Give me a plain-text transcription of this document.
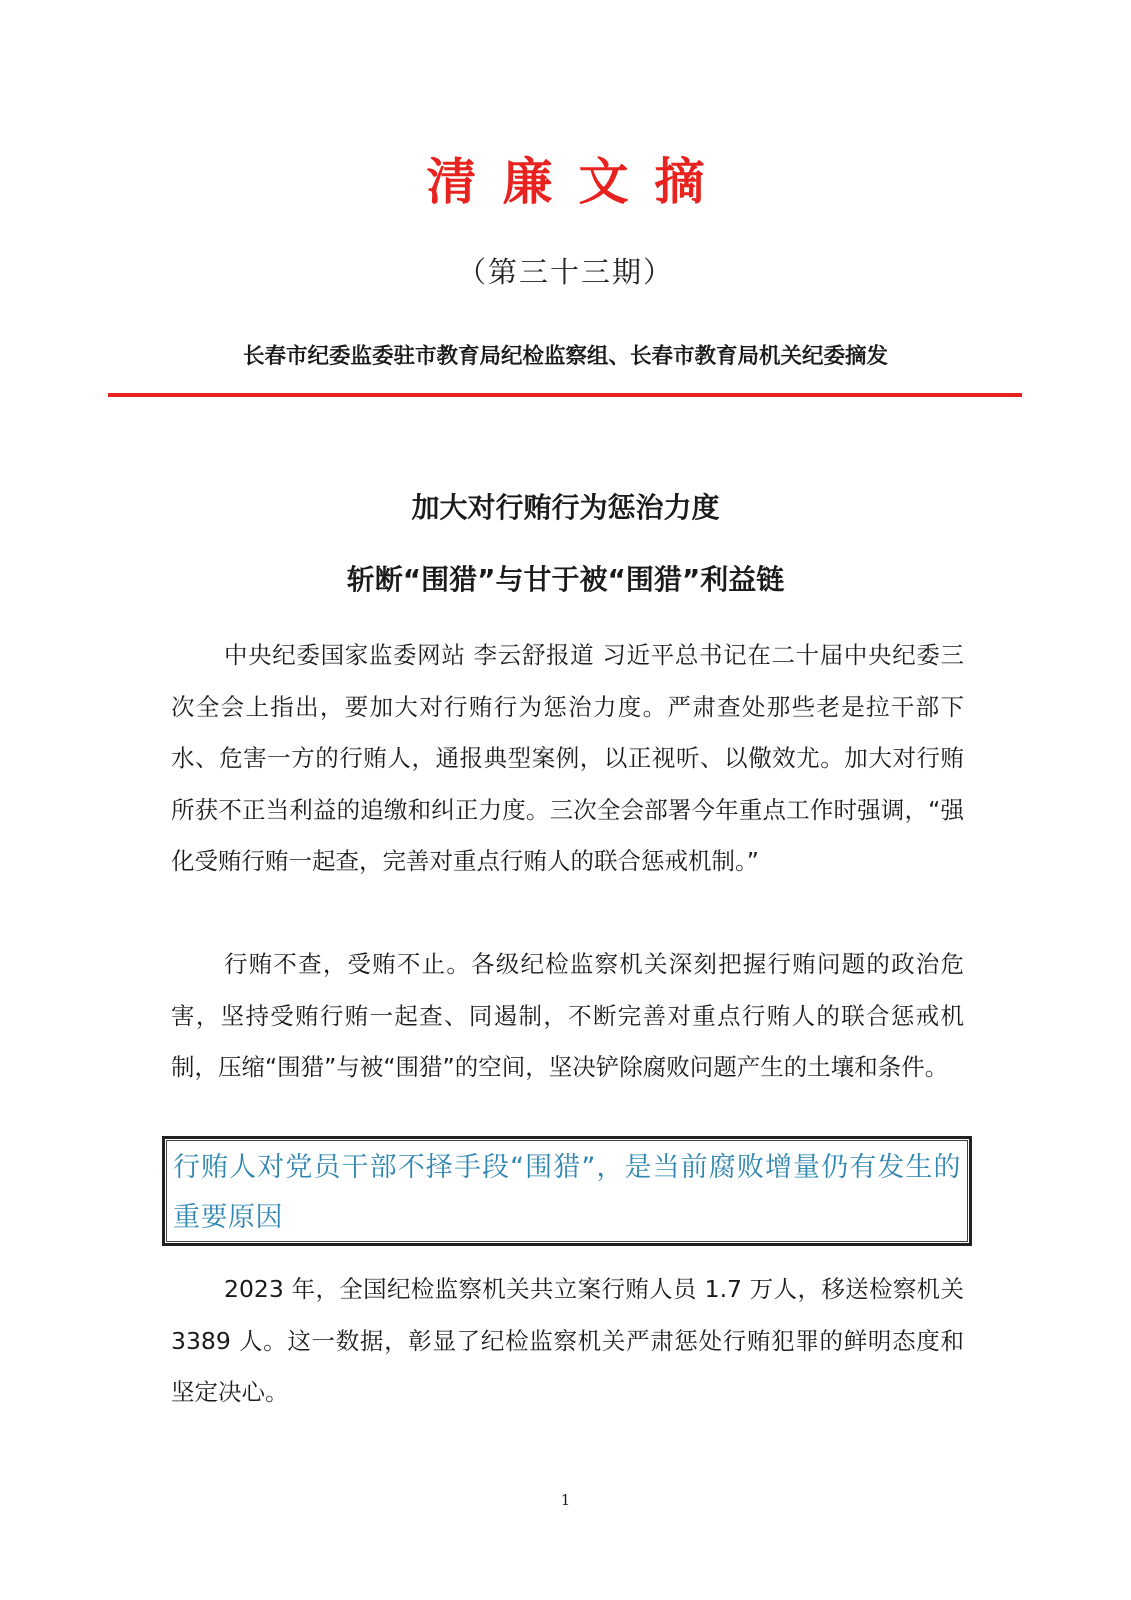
清廉文摘
（第三十三期）
长春市纪委监委驻市教育局纪检监察组、长春市教育局机关纪委摘发
加大对行贿行为惩治力度
斩断“围猎”与甘于被“围猎”利益链

中央纪委国家监委网站 李云舒报道 习近平总书记在二十届中央纪委三次全会上指出，要加大对行贿行为惩治力度。严肃查处那些老是拉干部下水、危害一方的行贿人，通报典型案例，以正视听、以儆效尤。加大对行贿所获不正当利益的追缴和纠正力度。三次全会部署今年重点工作时强调，“强化受贿行贿一起查，完善对重点行贿人的联合惩戒机制。”

行贿不查，受贿不止。各级纪检监察机关深刻把握行贿问题的政治危害，坚持受贿行贿一起查、同遏制，不断完善对重点行贿人的联合惩戒机制，压缩“围猎”与被“围猎”的空间，坚决铲除腐败问题产生的土壤和条件。

行贿人对党员干部不择手段“围猎”，是当前腐败增量仍有发生的重要原因

2023 年，全国纪检监察机关共立案行贿人员 1.7 万人，移送检察机关 3389 人。这一数据，彰显了纪检监察机关严肃惩处行贿犯罪的鲜明态度和坚定决心。

1
